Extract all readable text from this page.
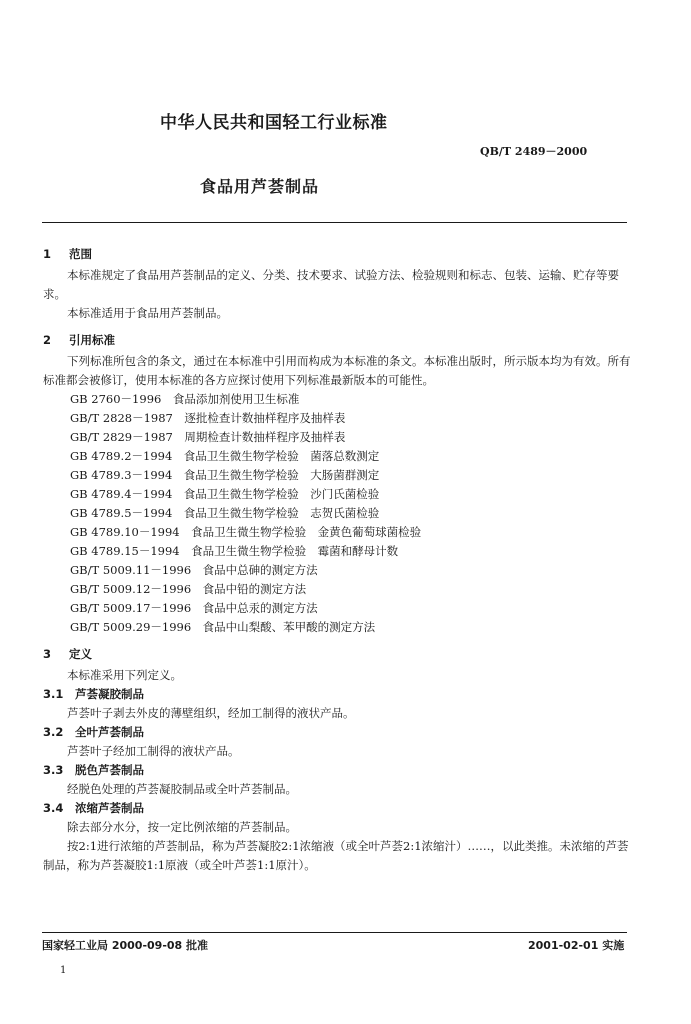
中华人民共和国轻工行业标准
QB/T 2489－2000
食品用芦荟制品

1 范围

本标准规定了食品用芦荟制品的定义、分类、技术要求、试验方法、检验规则和标志、包装、运输、贮存等要求。

本标准适用于食品用芦荟制品。

2 引用标准

下列标准所包含的条文，通过在本标准中引用而构成为本标准的条文。本标准出版时，所示版本均为有效。所有标准都会被修订，使用本标准的各方应探讨使用下列标准最新版本的可能性。

GB 2760－1996　食品添加剂使用卫生标准

GB/T 2828－1987　逐批检查计数抽样程序及抽样表

GB/T 2829－1987　周期检查计数抽样程序及抽样表

GB 4789.2－1994　食品卫生微生物学检验　菌落总数测定

GB 4789.3－1994　食品卫生微生物学检验　大肠菌群测定

GB 4789.4－1994　食品卫生微生物学检验　沙门氏菌检验

GB 4789.5－1994　食品卫生微生物学检验　志贺氏菌检验

GB 4789.10－1994　食品卫生微生物学检验　金黄色葡萄球菌检验

GB 4789.15－1994　食品卫生微生物学检验　霉菌和酵母计数

GB/T 5009.11－1996　食品中总砷的测定方法

GB/T 5009.12－1996　食品中铅的测定方法

GB/T 5009.17－1996　食品中总汞的测定方法

GB/T 5009.29－1996　食品中山梨酸、苯甲酸的测定方法

3 定义

本标准采用下列定义。

3.1 芦荟凝胶制品

芦荟叶子剥去外皮的薄壁组织，经加工制得的液状产品。

3.2 全叶芦荟制品

芦荟叶子经加工制得的液状产品。

3.3 脱色芦荟制品

经脱色处理的芦荟凝胶制品或全叶芦荟制品。

3.4 浓缩芦荟制品

除去部分水分，按一定比例浓缩的芦荟制品。

按2:1进行浓缩的芦荟制品，称为芦荟凝胶2:1浓缩液（或全叶芦荟2:1浓缩汁）……，以此类推。未浓缩的芦荟制品，称为芦荟凝胶1:1原液（或全叶芦荟1:1原汁）。

国家轻工业局 2000-09-08 批准	2001-02-01 实施
1
